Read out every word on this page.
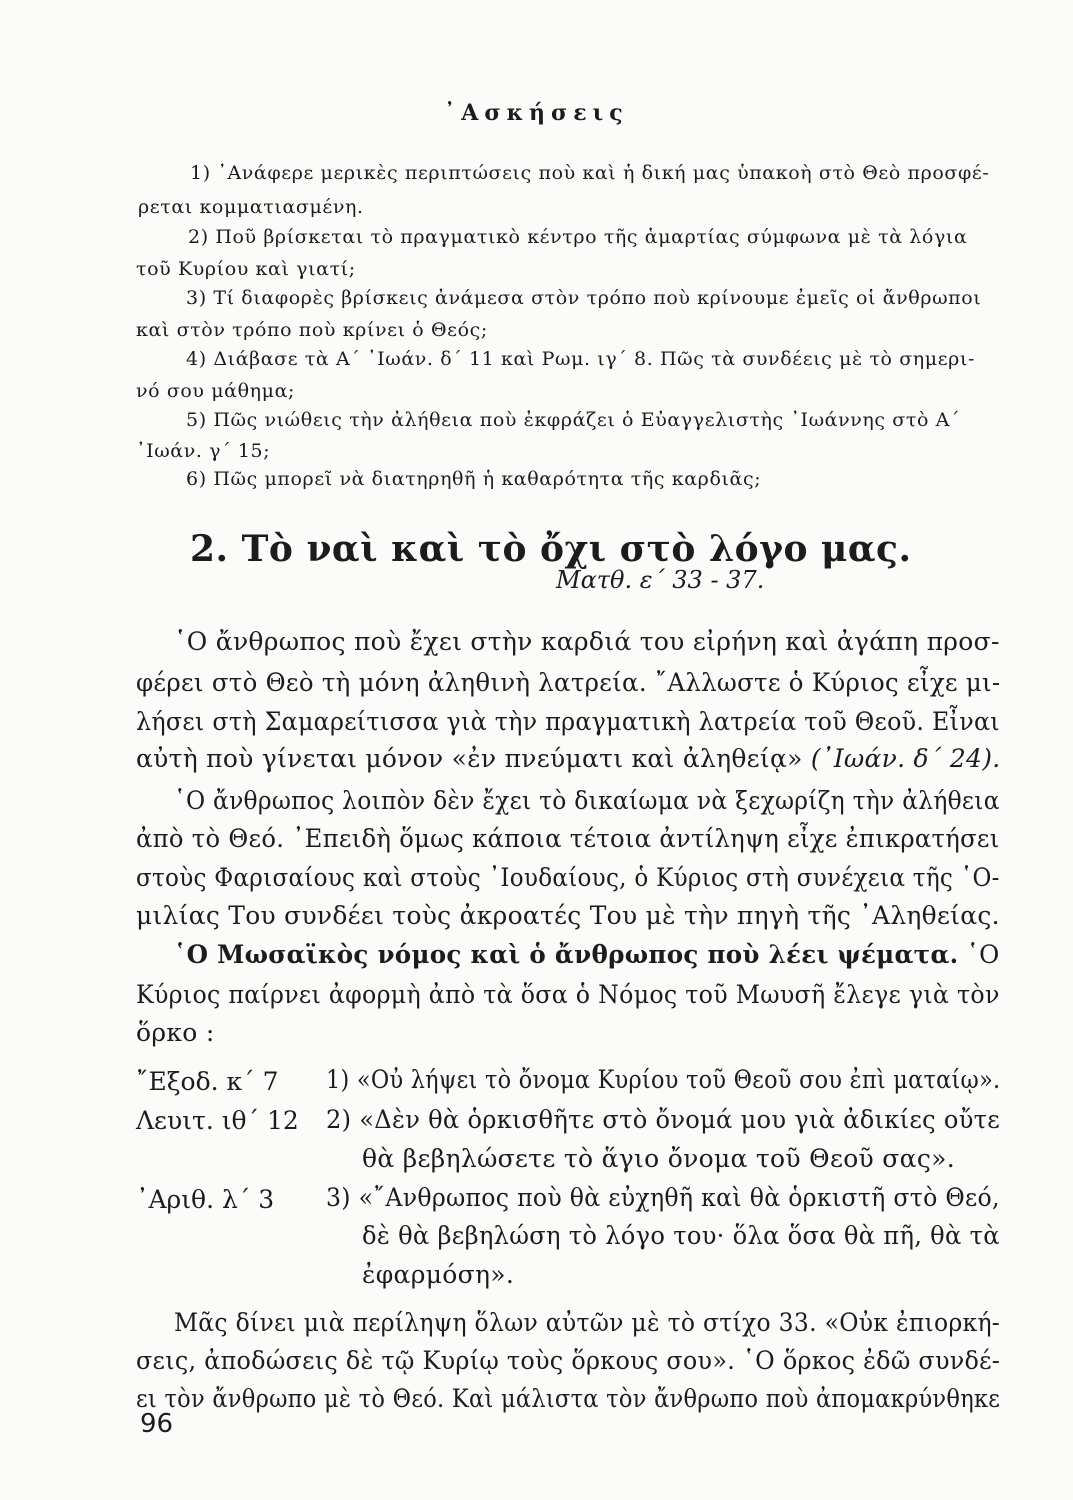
᾿Ασκήσεις
1) ᾿Ανάφερε μερικὲς περιπτώσεις ποὺ καὶ ἡ δική μας ὑπακοὴ στὸ Θεὸ προσφέ-
ρεται κομματιασμένη.
2) Ποῦ βρίσκεται τὸ πραγματικὸ κέντρο τῆς ἁμαρτίας σύμφωνα μὲ τὰ λόγια
τοῦ Κυρίου καὶ γιατί;
3) Τί διαφορὲς βρίσκεις ἀνάμεσα στὸν τρόπο ποὺ κρίνουμε ἐμεῖς οἱ ἄνθρωποι
καὶ στὸν τρόπο ποὺ κρίνει ὁ Θεός;
4) Διάβασε τὰ Α΄ ᾿Ιωάν. δ΄ 11 καὶ Ρωμ. ιγ΄ 8. Πῶς τὰ συνδέεις μὲ τὸ σημερι-
νό σου μάθημα;
5) Πῶς νιώθεις τὴν ἀλήθεια ποὺ ἐκφράζει ὁ Εὐαγγελιστὴς ᾿Ιωάννης στὸ Α΄
᾿Ιωάν. γ΄ 15;
6) Πῶς μπορεῖ νὰ διατηρηθῆ ἡ καθαρότητα τῆς καρδιᾶς;
2. Τὸ ναὶ καὶ τὸ ὄχι στὸ λόγο μας.
Ματθ. ε΄ 33 - 37.
῾Ο ἄνθρωπος ποὺ ἔχει στὴν καρδιά του εἰρήνη καὶ ἀγάπη προσ-
φέρει στὸ Θεὸ τὴ μόνη ἀληθινὴ λατρεία. ῎Αλλωστε ὁ Κύριος εἶχε μι-
λήσει στὴ Σαμαρείτισσα γιὰ τὴν πραγματικὴ λατρεία τοῦ Θεοῦ. Εἶναι
αὐτὴ ποὺ γίνεται μόνον «ἐν πνεύματι καὶ ἀληθείᾳ» (᾿Ιωάν. δ΄ 24).
῾Ο ἄνθρωπος λοιπὸν δὲν ἔχει τὸ δικαίωμα νὰ ξεχωρίζη τὴν ἀλήθεια
ἀπὸ τὸ Θεό. ᾿Επειδὴ ὅμως κάποια τέτοια ἀντίληψη εἶχε ἐπικρατήσει
στοὺς Φαρισαίους καὶ στοὺς ᾿Ιουδαίους, ὁ Κύριος στὴ συνέχεια τῆς ῾Ο-
μιλίας Του συνδέει τοὺς ἀκροατές Του μὲ τὴν πηγὴ τῆς ᾿Αληθείας.
῾Ο Μωσαϊκὸς νόμος καὶ ὁ ἄνθρωπος ποὺ λέει ψέματα. ῾Ο
Κύριος παίρνει ἀφορμὴ ἀπὸ τὰ ὅσα ὁ Νόμος τοῦ Μωυσῆ ἔλεγε γιὰ τὸν
ὅρκο :
῎Εξοδ. κ΄ 7 1) «Οὐ λήψει τὸ ὄνομα Κυρίου τοῦ Θεοῦ σου ἐπὶ ματαίῳ».
Λευιτ. ιθ΄ 12 2) «Δὲν θὰ ὁρκισθῆτε στὸ ὄνομά μου γιὰ ἀδικίες οὔτε
θὰ βεβηλώσετε τὸ ἅγιο ὄνομα τοῦ Θεοῦ σας».
᾿Αριθ. λ΄ 3 3) «῎Ανθρωπος ποὺ θὰ εὐχηθῆ καὶ θὰ ὁρκιστῆ στὸ Θεό,
δὲ θὰ βεβηλώση τὸ λόγο του· ὅλα ὅσα θὰ πῆ, θὰ τὰ
ἐφαρμόση».
Μᾶς δίνει μιὰ περίληψη ὅλων αὐτῶν μὲ τὸ στίχο 33. «Οὐκ ἐπιορκή-
σεις, ἀποδώσεις δὲ τῷ Κυρίῳ τοὺς ὅρκους σου». ῾Ο ὅρκος ἐδῶ συνδέ-
ει τὸν ἄνθρωπο μὲ τὸ Θεό. Καὶ μάλιστα τὸν ἄνθρωπο ποὺ ἀπομακρύνθηκε
96
